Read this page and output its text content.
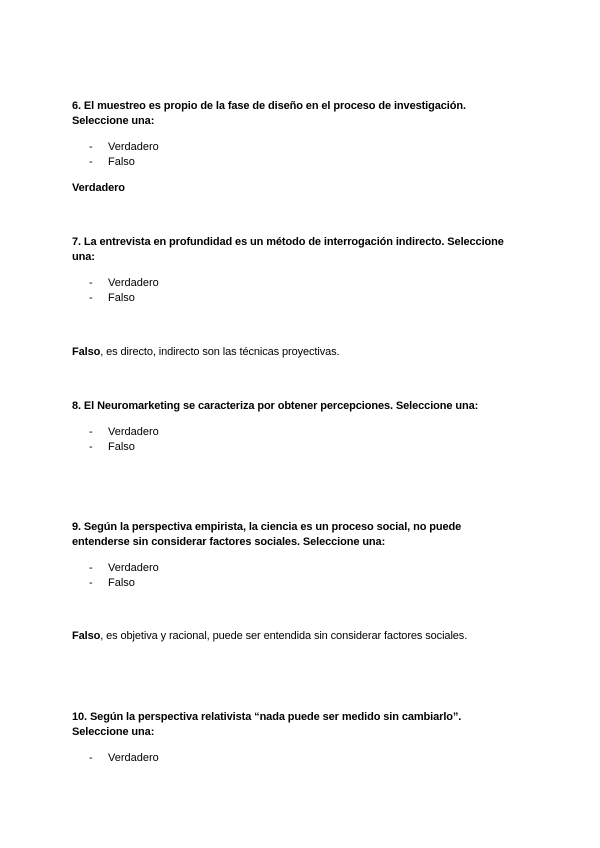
6. El muestreo es propio de la fase de diseño en el proceso de investigación.
Seleccione una:
- Verdadero
- Falso
Verdadero
7. La entrevista en profundidad es un método de interrogación indirecto. Seleccione
una:
- Verdadero
- Falso
Falso, es directo, indirecto son las técnicas proyectivas.
8. El Neuromarketing se caracteriza por obtener percepciones. Seleccione una:
- Verdadero
- Falso
9. Según la perspectiva empirista, la ciencia es un proceso social, no puede
entenderse sin considerar factores sociales. Seleccione una:
- Verdadero
- Falso
Falso, es objetiva y racional, puede ser entendida sin considerar factores sociales.
10. Según la perspectiva relativista “nada puede ser medido sin cambiarlo”.
Seleccione una:
- Verdadero
